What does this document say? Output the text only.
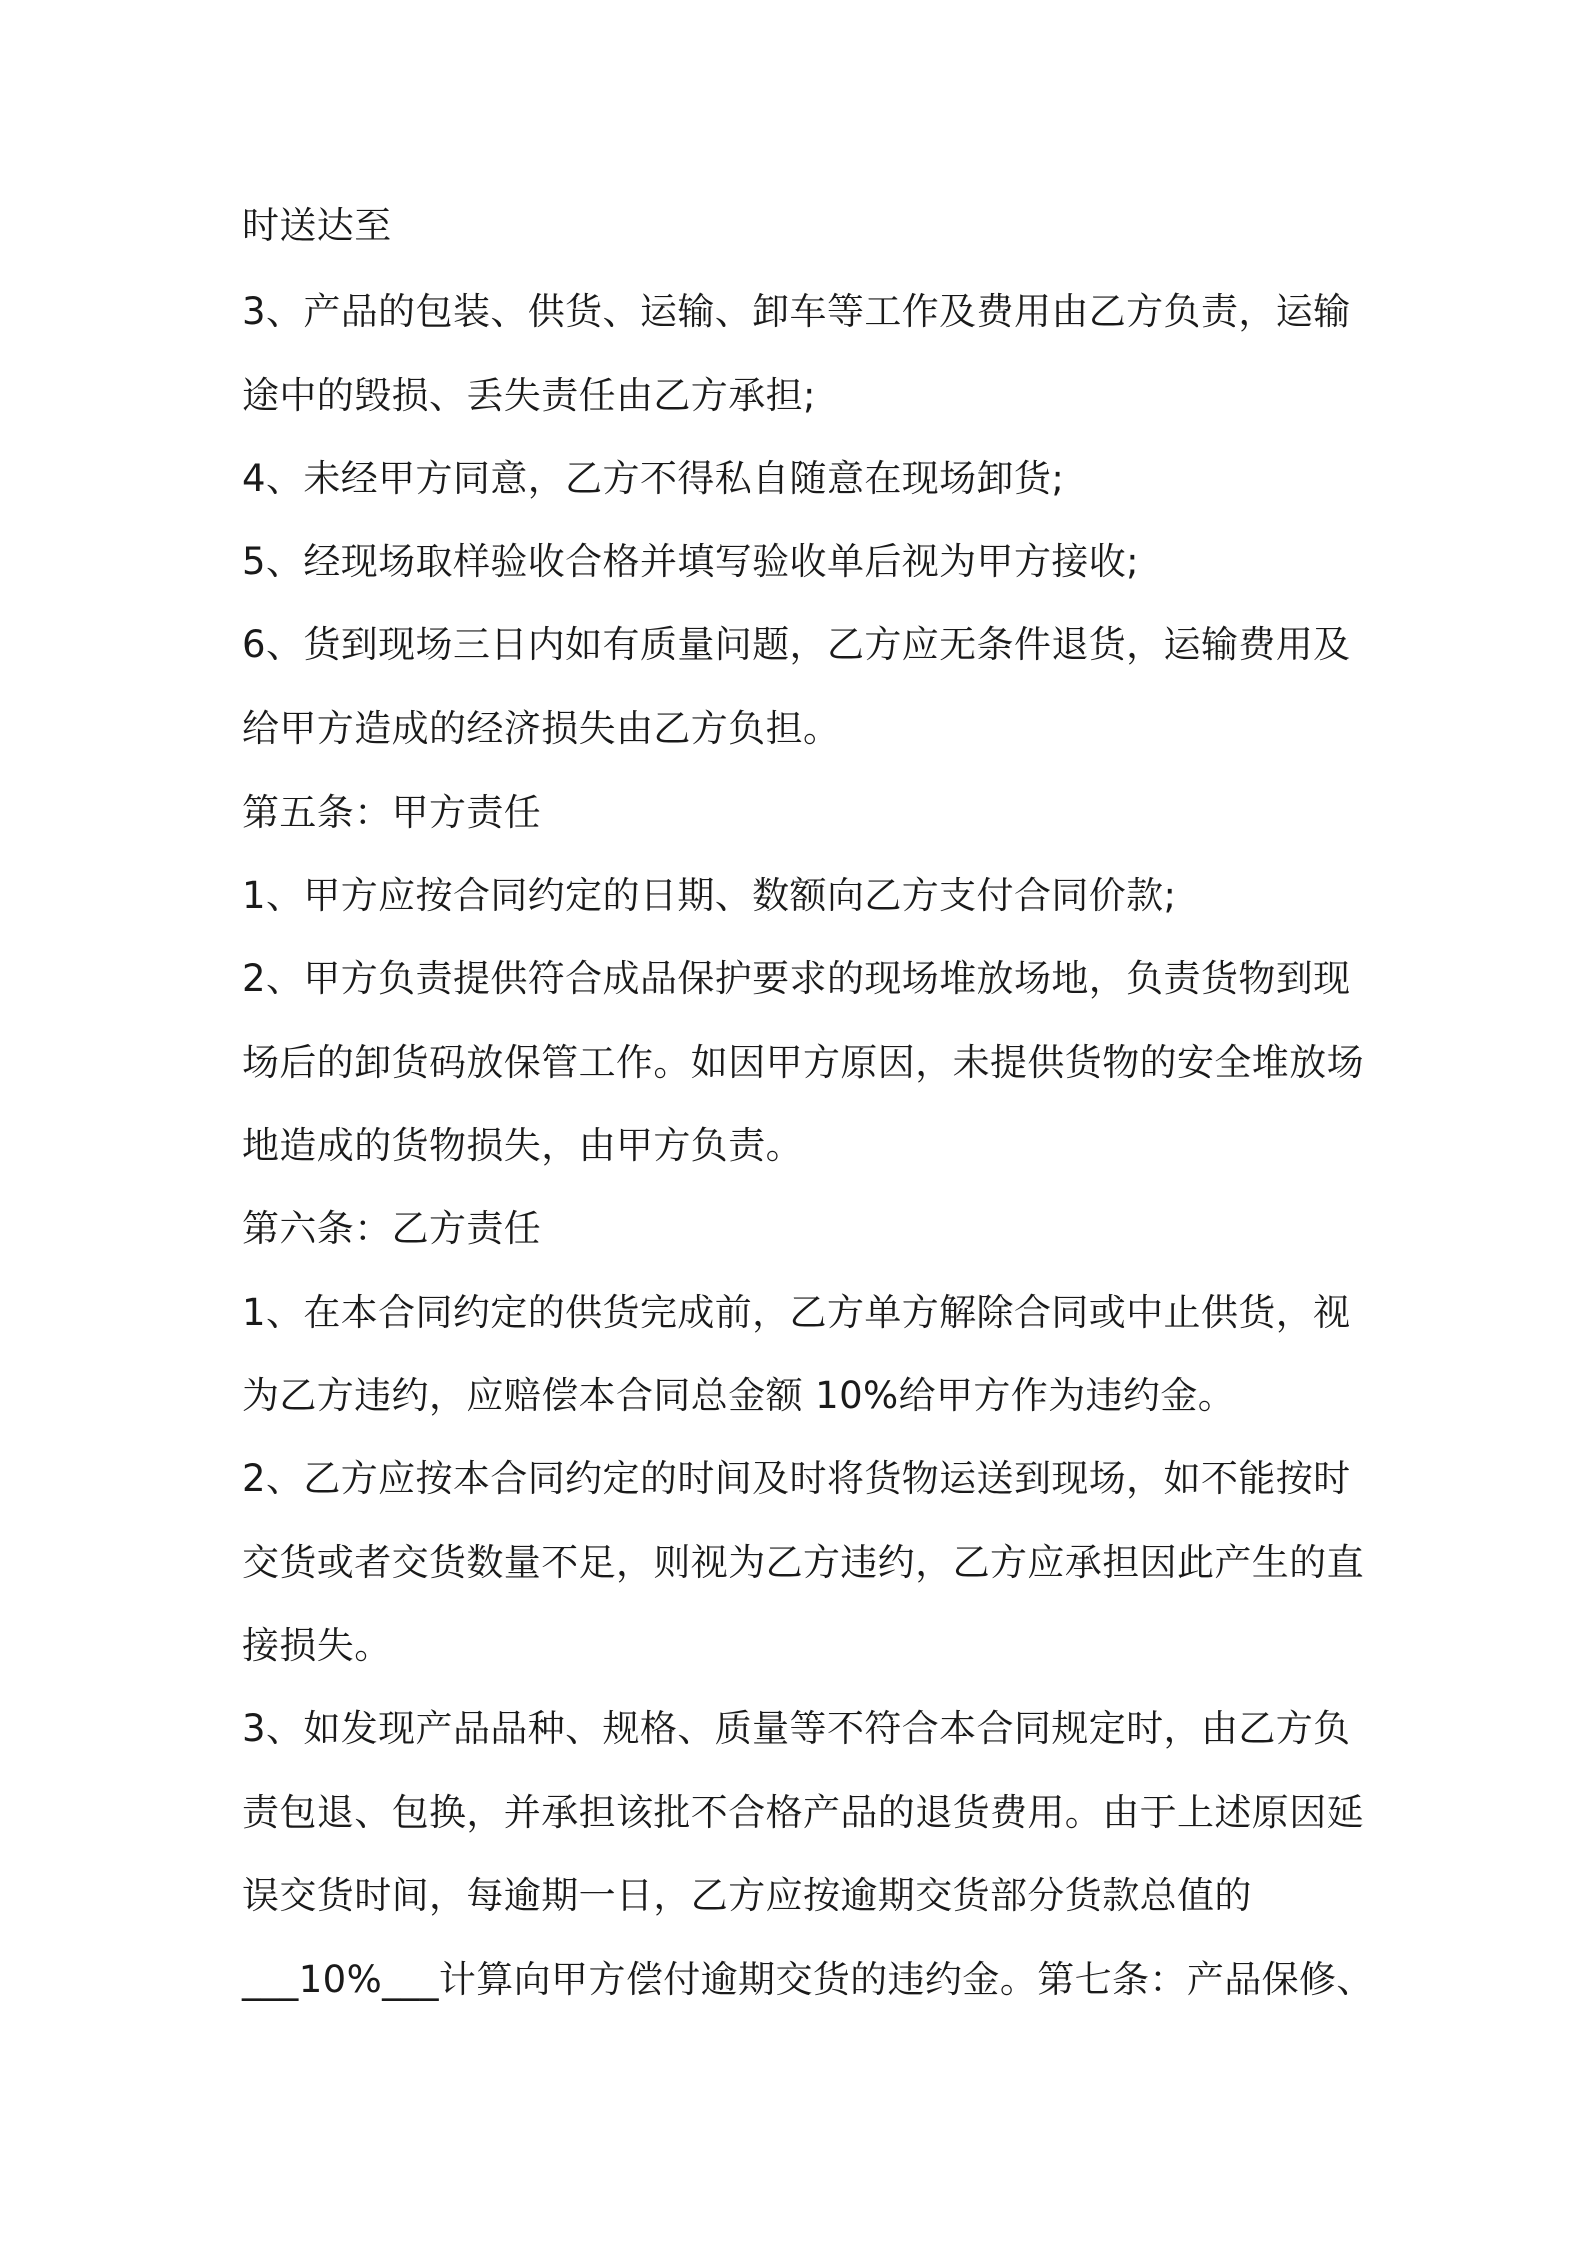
时送达至
3、产品的包装、供货、运输、卸车等工作及费用由乙方负责，运输
途中的毁损、丢失责任由乙方承担;
4、未经甲方同意，乙方不得私自随意在现场卸货;
5、经现场取样验收合格并填写验收单后视为甲方接收;
6、货到现场三日内如有质量问题，乙方应无条件退货，运输费用及
给甲方造成的经济损失由乙方负担。
第五条：甲方责任
1、甲方应按合同约定的日期、数额向乙方支付合同价款;
2、甲方负责提供符合成品保护要求的现场堆放场地，负责货物到现
场后的卸货码放保管工作。如因甲方原因，未提供货物的安全堆放场
地造成的货物损失，由甲方负责。
第六条：乙方责任
1、在本合同约定的供货完成前，乙方单方解除合同或中止供货，视
为乙方违约，应赔偿本合同总金额 10%给甲方作为违约金。
2、乙方应按本合同约定的时间及时将货物运送到现场，如不能按时
交货或者交货数量不足，则视为乙方违约，乙方应承担因此产生的直
接损失。
3、如发现产品品种、规格、质量等不符合本合同规定时，由乙方负
责包退、包换，并承担该批不合格产品的退货费用。由于上述原因延
误交货时间，每逾期一日，乙方应按逾期交货部分货款总值的
___10%___计算向甲方偿付逾期交货的违约金。第七条：产品保修、
